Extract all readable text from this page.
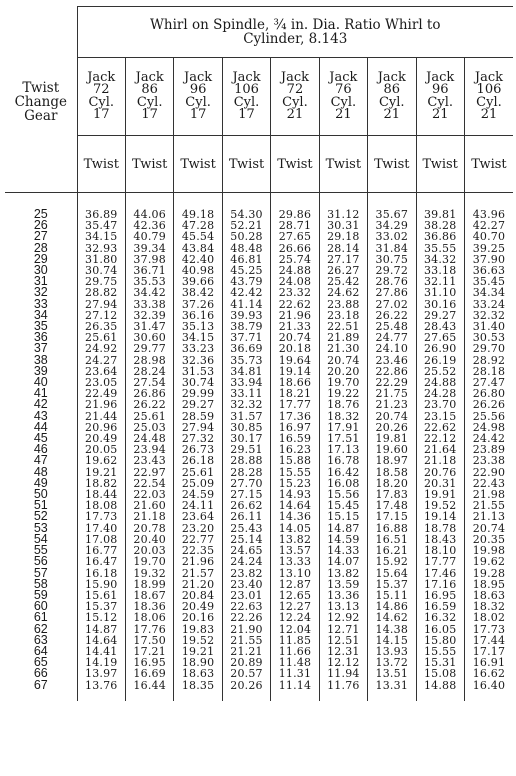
Twist
Change
Gear	Whirl on Spindle, ¾ in. Dia. Ratio Whirl to
Cylinder, 8.143								

	Jack
72
Cyl.
17	Jack
86
Cyl.
17	Jack
96
Cyl.
17	Jack
106
Cyl.
17	Jack
72
Cyl.
21	Jack
76
Cyl.
21	Jack
86
Cyl.
21	Jack
96
Cyl.
21	Jack
106
Cyl.
21

	Twist	Twist	Twist	Twist	Twist	Twist	Twist	Twist	Twist

25	36.89	44.06	49.18	54.30	29.86	31.12	35.67	39.81	43.96
26	35.47	42.36	47.28	52.21	28.71	30.31	34.29	38.28	42.27
27	34.15	40.79	45.54	50.28	27.65	29.18	33.02	36.86	40.70
28	32.93	39.34	43.84	48.48	26.66	28.14	31.84	35.55	39.25
29	31.80	37.98	42.40	46.81	25.74	27.17	30.75	34.32	37.90
30	30.74	36.71	40.98	45.25	24.88	26.27	29.72	33.18	36.63
31	29.75	35.53	39.66	43.79	24.08	25.42	28.76	32.11	35.45
32	28.82	34.42	38.42	42.42	23.32	24.62	27.86	31.10	34.34
33	27.94	33.38	37.26	41.14	22.62	23.88	27.02	30.16	33.24
34	27.12	32.39	36.16	39.93	21.96	23.18	26.22	29.27	32.32
35	26.35	31.47	35.13	38.79	21.33	22.51	25.48	28.43	31.40
36	25.61	30.60	34.15	37.71	20.74	21.89	24.77	27.65	30.53
37	24.92	29.77	33.23	36.69	20.18	21.30	24.10	26.90	29.70
38	24.27	28.98	32.36	35.73	19.64	20.74	23.46	26.19	28.92
39	23.64	28.24	31.53	34.81	19.14	20.20	22.86	25.52	28.18
40	23.05	27.54	30.74	33.94	18.66	19.70	22.29	24.88	27.47
41	22.49	26.86	29.99	33.11	18.21	19.22	21.75	24.28	26.80
42	21.96	26.22	29.27	32.32	17.77	18.76	21.23	23.70	26.26
43	21.44	25.61	28.59	31.57	17.36	18.32	20.74	23.15	25.56
44	20.96	25.03	27.94	30.85	16.97	17.91	20.26	22.62	24.98
45	20.49	24.48	27.32	30.17	16.59	17.51	19.81	22.12	24.42
46	20.05	23.94	26.73	29.51	16.23	17.13	19.60	21.64	23.89
47	19.62	23.43	26.18	28.88	15.88	16.78	18.97	21.18	23.38
48	19.21	22.97	25.61	28.28	15.55	16.42	18.58	20.76	22.90
49	18.82	22.54	25.09	27.70	15.23	16.08	18.20	20.31	22.43
50	18.44	22.03	24.59	27.15	14.93	15.56	17.83	19.91	21.98
51	18.08	21.60	24.11	26.62	14.64	15.45	17.48	19.52	21.55
52	17.73	21.18	23.64	26.11	14.36	15.15	17.15	19.14	21.13
53	17.40	20.78	23.20	25.43	14.05	14.87	16.88	18.78	20.74
54	17.08	20.40	22.77	25.14	13.82	14.59	16.51	18.43	20.35
55	16.77	20.03	22.35	24.65	13.57	14.33	16.21	18.10	19.98
56	16.47	19.70	21.96	24.24	13.33	14.07	15.92	17.77	19.62
57	16.18	19.32	21.57	23.82	13.10	13.82	15.64	17.46	19.28
58	15.90	18.99	21.20	23.40	12.87	13.59	15.37	17.16	18.95
59	15.61	18.67	20.84	23.01	12.65	13.36	15.11	16.95	18.63
60	15.37	18.36	20.49	22.63	12.27	13.13	14.86	16.59	18.32
61	15.12	18.06	20.16	22.26	12.24	12.92	14.62	16.32	18.02
62	14.87	17.76	19.83	21.90	12.04	12.71	14.38	16.05	17.73
63	14.64	17.50	19.52	21.55	11.85	12.51	14.15	15.80	17.44
64	14.41	17.21	19.21	21.21	11.66	12.31	13.93	15.55	17.17
65	14.19	16.95	18.90	20.89	11.48	12.12	13.72	15.31	16.91
66	13.97	16.69	18.63	20.57	11.31	11.94	13.51	15.08	16.62
67	13.76	16.44	18.35	20.26	11.14	11.76	13.31	14.88	16.40
